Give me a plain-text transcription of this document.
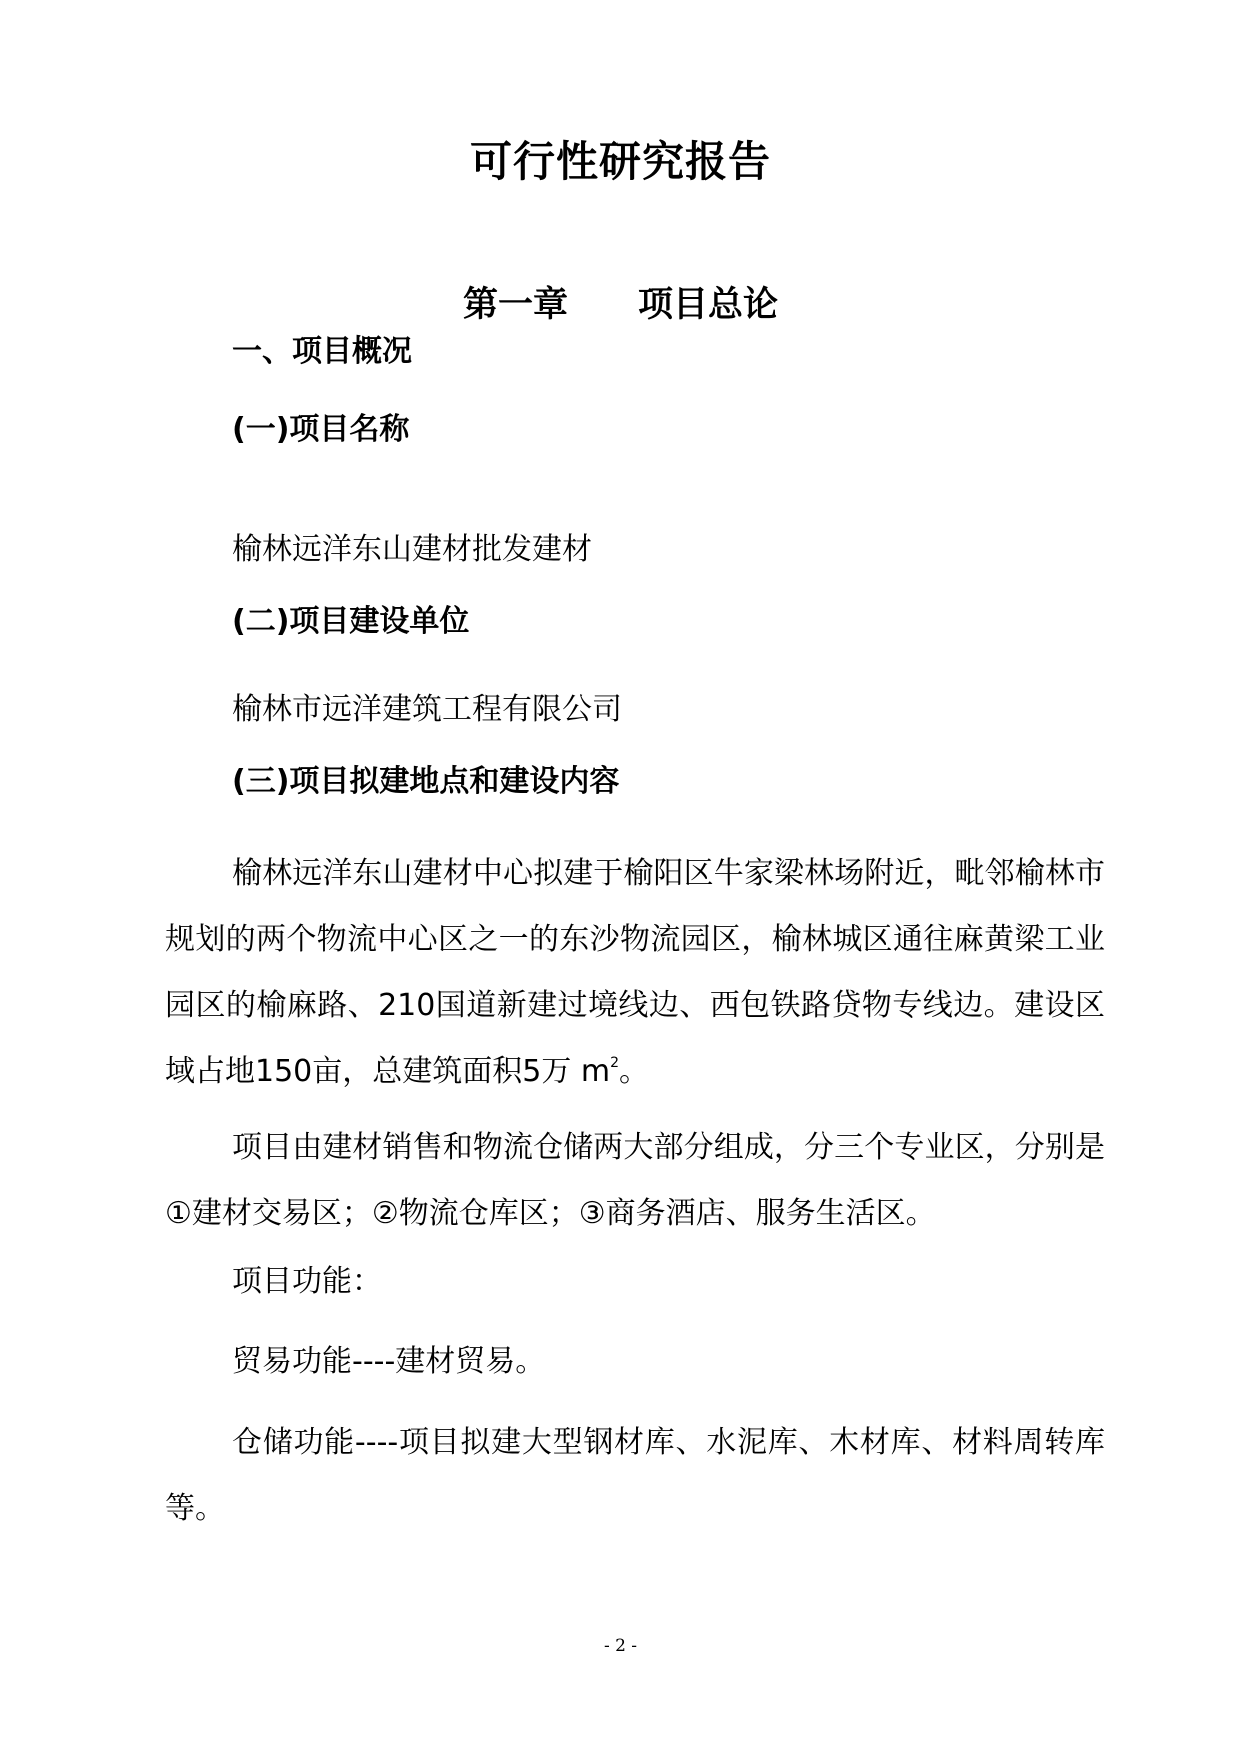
可行性研究报告
第一章　　项目总论
一、项目概况
(一)项目名称
榆林远洋东山建材批发建材
(二)项目建设单位
榆林市远洋建筑工程有限公司
(三)项目拟建地点和建设内容

榆林远洋东山建材中心拟建于榆阳区牛家梁林场附近，毗邻榆林市规划的两个物流中心区之一的东沙物流园区，榆林城区通往麻黄梁工业园区的榆麻路、210国道新建过境线边、西包铁路贷物专线边。建设区域占地150亩，总建筑面积5万 $m^2$。

项目由建材销售和物流仓储两大部分组成，分三个专业区，分别是①建材交易区；②物流仓库区；③商务酒店、服务生活区。

项目功能：
贸易功能----建材贸易。

仓储功能----项目拟建大型钢材库、水泥库、木材库、材料周转库等。

- 2 -
